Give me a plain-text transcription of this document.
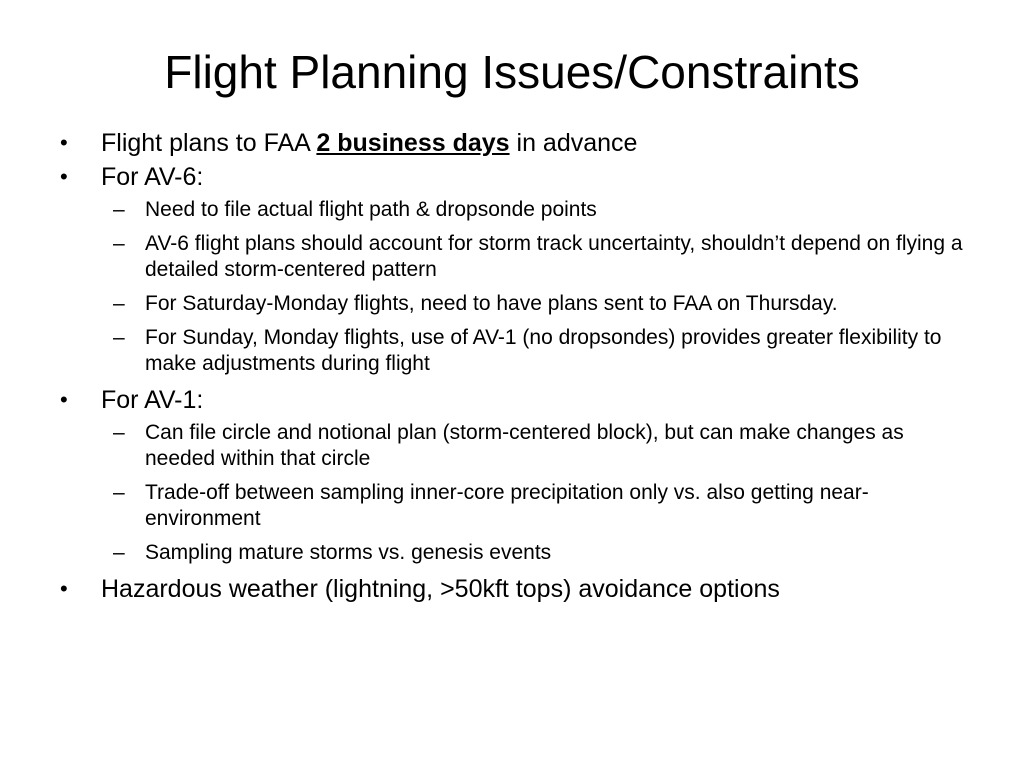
Flight Planning Issues/Constraints
•	Flight plans to FAA 2 business days in advance
•	For AV-6:
– Need to file actual flight path & dropsonde points
– AV-6 flight plans should account for storm track uncertainty, shouldn’t depend on flying a detailed storm-centered pattern
– For Saturday-Monday flights, need to have plans sent to FAA on Thursday.
– For Sunday, Monday flights, use of AV-1 (no dropsondes) provides greater flexibility to make adjustments during flight
•	For AV-1:
– Can file circle and notional plan (storm-centered block), but can make changes as needed within that circle
– Trade-off between sampling inner-core precipitation only vs. also getting near-environment
– Sampling mature storms vs. genesis events
•	Hazardous weather (lightning, >50kft tops) avoidance options
